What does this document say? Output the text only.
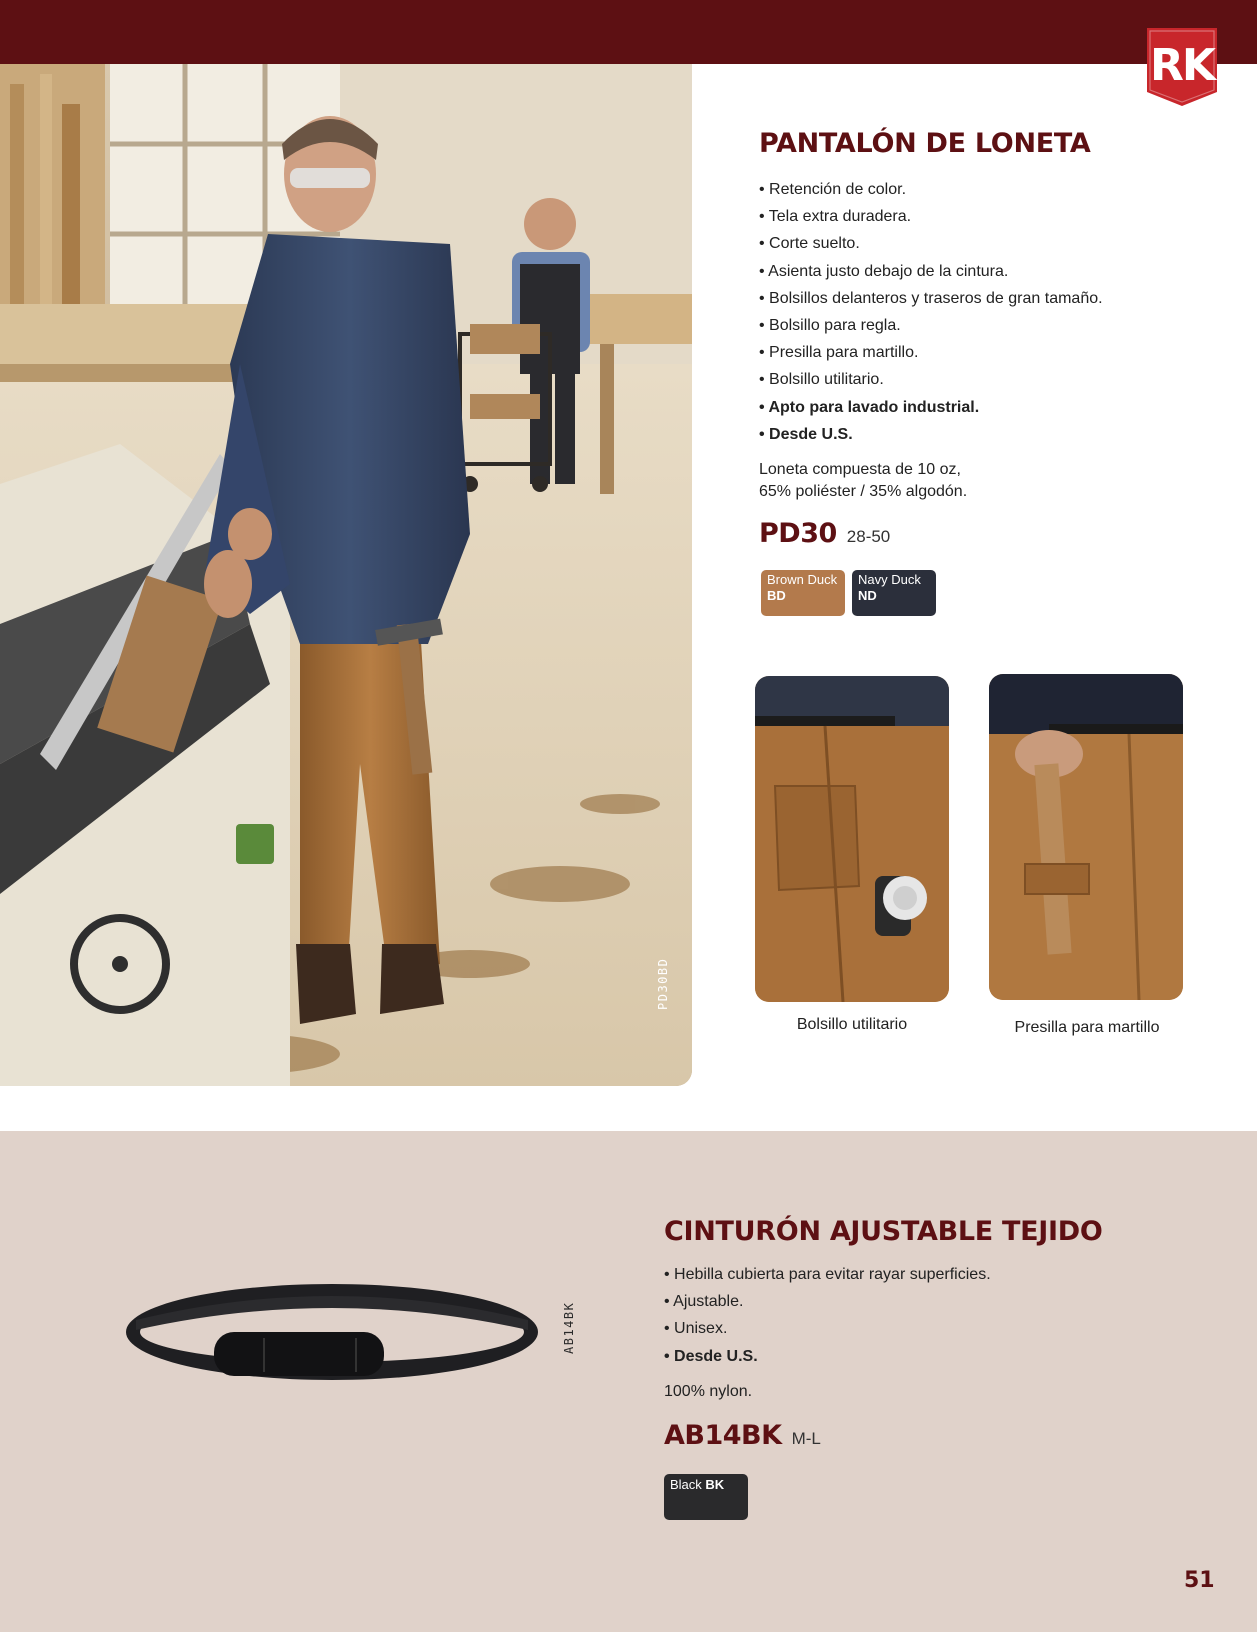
RK
PD30BD
PANTALÓN DE LONETA
• Retención de color.
• Tela extra duradera.
• Corte suelto.
• Asienta justo debajo de la cintura.
• Bolsillos delanteros y traseros de gran tamaño.
• Bolsillo para regla.
• Presilla para martillo.
• Bolsillo utilitario.
• Apto para lavado industrial.
• Desde U.S.
Loneta compuesta de 10 oz,
65% poliéster / 35% algodón.
PD30 28-50
Brown Duck
BD
Navy Duck
ND
Bolsillo utilitario	Presilla para martillo
AB14BK
CINTURÓN AJUSTABLE TEJIDO
• Hebilla cubierta para evitar rayar superficies.
• Ajustable.
• Unisex.
• Desde U.S.
100% nylon.
AB14BK M-L
Black BK
51
